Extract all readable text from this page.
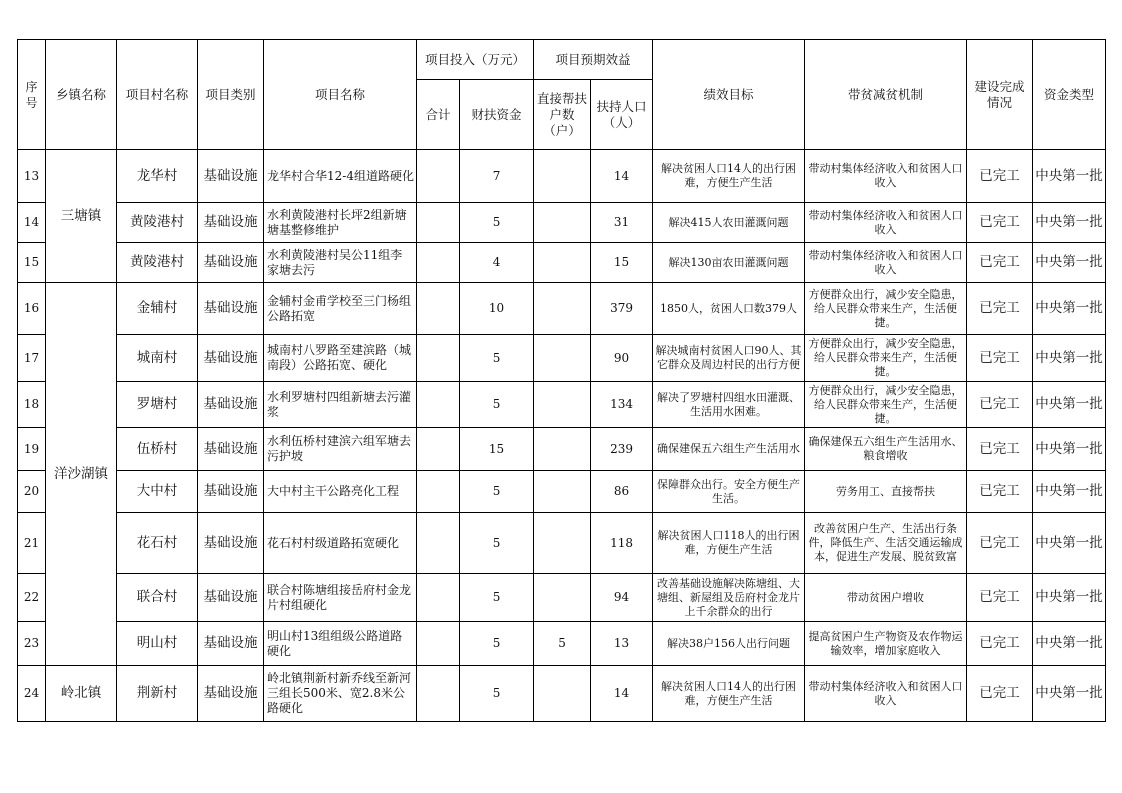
序号	乡镇名称	项目村名称	项目类别	项目名称	项目投入（万元）		项目预期效益		绩效目标	带贫减贫机制	建设完成情况	资金类型
					合计	财扶资金	直接帮扶户数（户）	扶持人口（人）				
13	三塘镇	龙华村	基础设施	龙华村合华12-4组道路硬化		7		14	解决贫困人口14人的出行困难，方便生产生活	带动村集体经济收入和贫困人口收入	已完工	中央第一批
14		黄陵港村	基础设施	水利黄陵港村长坪2组新塘塘基整修维护		5		31	解决415人农田灌溉问题	带动村集体经济收入和贫困人口收入	已完工	中央第一批
15		黄陵港村	基础设施	水利黄陵港村吴公11组李家塘去污		4		15	解决130亩农田灌溉问题	带动村集体经济收入和贫困人口收入	已完工	中央第一批
16	洋沙湖镇	金辅村	基础设施	金辅村金甫学校至三门杨组公路拓宽		10		379	1850人，贫困人口数379人	方便群众出行，减少安全隐患，给人民群众带来生产，生活便捷。	已完工	中央第一批
17		城南村	基础设施	城南村八罗路至建滨路（城南段）公路拓宽、硬化		5		90	解决城南村贫困人口90人、其它群众及周边村民的出行方便	方便群众出行，减少安全隐患，给人民群众带来生产，生活便捷。	已完工	中央第一批
18		罗塘村	基础设施	水利罗塘村四组新塘去污灌浆		5		134	解决了罗塘村四组水田灌溉、生活用水困难。	方便群众出行，减少安全隐患，给人民群众带来生产，生活便捷。	已完工	中央第一批
19		伍桥村	基础设施	水利伍桥村建滨六组军塘去污护坡		15		239	确保建保五六组生产生活用水	确保建保五六组生产生活用水、粮食增收	已完工	中央第一批
20		大中村	基础设施	大中村主干公路亮化工程		5		86	保障群众出行。安全方便生产生活。	劳务用工、直接帮扶	已完工	中央第一批
21		花石村	基础设施	花石村村级道路拓宽硬化		5		118	解决贫困人口118人的出行困难，方便生产生活	改善贫困户生产、生活出行条件，降低生产、生活交通运输成本，促进生产发展、脱贫致富	已完工	中央第一批
22		联合村	基础设施	联合村陈塘组接岳府村金龙片村组硬化		5		94	改善基础设施解决陈塘组、大塘组、新屋组及岳府村金龙片上千余群众的出行	带动贫困户增收	已完工	中央第一批
23		明山村	基础设施	明山村13组组级公路道路硬化		5	5	13	解决38户156人出行问题	提高贫困户生产物资及农作物运输效率，增加家庭收入	已完工	中央第一批
24	岭北镇	荆新村	基础设施	岭北镇荆新村新乔线至新河三组长500米、宽2.8米公路硬化		5		14	解决贫困人口14人的出行困难，方便生产生活	带动村集体经济收入和贫困人口收入	已完工	中央第一批
